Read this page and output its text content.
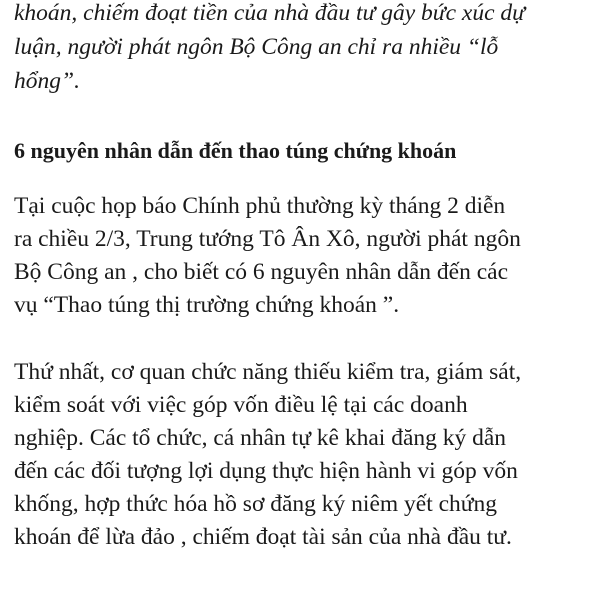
khoán, chiếm đoạt tiền của nhà đầu tư gây bức xúc dự
luận, người phát ngôn Bộ Công an chỉ ra nhiều “lỗ
hổng”.

6 nguyên nhân dẫn đến thao túng chứng khoán

Tại cuộc họp báo Chính phủ thường kỳ tháng 2 diễn
ra chiều 2/3, Trung tướng Tô Ân Xô, người phát ngôn
Bộ Công an , cho biết có 6 nguyên nhân dẫn đến các
vụ “Thao túng thị trường chứng khoán ”.

Thứ nhất, cơ quan chức năng thiếu kiểm tra, giám sát,
kiểm soát với việc góp vốn điều lệ tại các doanh
nghiệp. Các tổ chức, cá nhân tự kê khai đăng ký dẫn
đến các đối tượng lợi dụng thực hiện hành vi góp vốn
khống, hợp thức hóa hồ sơ đăng ký niêm yết chứng
khoán để lừa đảo , chiếm đoạt tài sản của nhà đầu tư.
